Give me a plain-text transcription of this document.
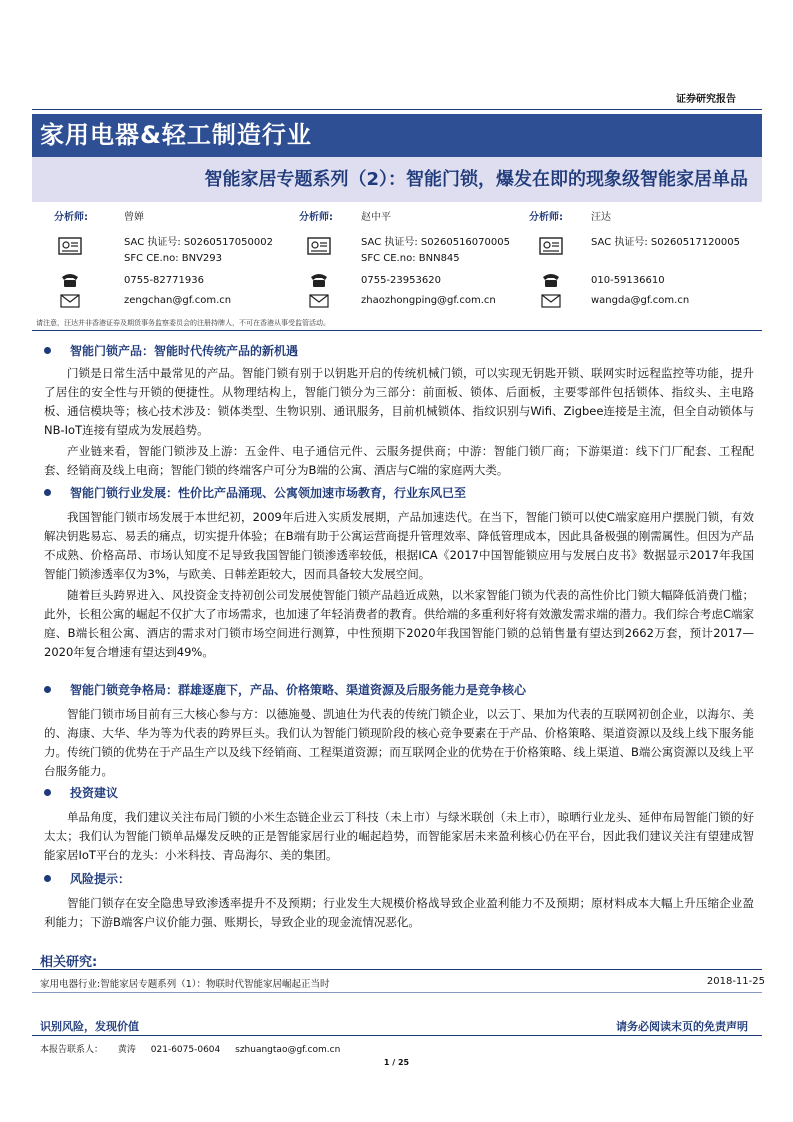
证券研究报告
家用电器&轻工制造行业
智能家居专题系列（2）：智能门锁，爆发在即的现象级智能家居单品
分析师:	曾婵
SAC 执证号: S0260517050002
SFC CE.no: BNV293
0755-82771936
zengchan@gf.com.cn
分析师:	赵中平
SAC 执证号: S0260516070005
SFC CE.no: BNN845
0755-23953620
zhaozhongping@gf.com.cn
分析师:	汪达
SAC 执证号: S0260517120005
010-59136610
wangda@gf.com.cn
请注意，汪达并非香港证券及期货事务监察委员会的注册持牌人，不可在香港从事受监管活动。
智能门锁产品：智能时代传统产品的新机遇
门锁是日常生活中最常见的产品。智能门锁有别于以钥匙开启的传统机械门锁，可以实现无钥匙开锁、联网实时远程监控等功能，提升了居住的安全性与开锁的便捷性。从物理结构上，智能门锁分为三部分：前面板、锁体、后面板，主要零部件包括锁体、指纹头、主电路板、通信模块等；核心技术涉及：锁体类型、生物识别、通讯服务，目前机械锁体、指纹识别与Wifi、Zigbee连接是主流，但全自动锁体与NB-IoT连接有望成为发展趋势。
产业链来看，智能门锁涉及上游：五金件、电子通信元件、云服务提供商；中游：智能门锁厂商；下游渠道：线下门厂配套、工程配套、经销商及线上电商；智能门锁的终端客户可分为B端的公寓、酒店与C端的家庭两大类。
智能门锁行业发展：性价比产品涌现、公寓领加速市场教育，行业东风已至
我国智能门锁市场发展于本世纪初，2009年后进入实质发展期，产品加速迭代。在当下，智能门锁可以使C端家庭用户摆脱门锁，有效解决钥匙易忘、易丢的痛点，切实提升体验；在B端有助于公寓运营商提升管理效率、降低管理成本，因此具备极强的刚需属性。但因为产品不成熟、价格高昂、市场认知度不足导致我国智能门锁渗透率较低，根据ICA《2017中国智能锁应用与发展白皮书》数据显示2017年我国智能门锁渗透率仅为3%，与欧美、日韩差距较大，因而具备较大发展空间。
随着巨头跨界进入、风投资金支持初创公司发展使智能门锁产品趋近成熟，以米家智能门锁为代表的高性价比门锁大幅降低消费门槛；此外，长租公寓的崛起不仅扩大了市场需求，也加速了年轻消费者的教育。供给端的多重利好将有效激发需求端的潜力。我们综合考虑C端家庭、B端长租公寓、酒店的需求对门锁市场空间进行测算，中性预期下2020年我国智能门锁的总销售量有望达到2662万套，预计2017—2020年复合增速有望达到49%。
智能门锁竞争格局：群雄逐鹿下，产品、价格策略、渠道资源及后服务能力是竞争核心
智能门锁市场目前有三大核心参与方：以德施曼、凯迪仕为代表的传统门锁企业，以云丁、果加为代表的互联网初创企业，以海尔、美的、海康、大华、华为等为代表的跨界巨头。我们认为智能门锁现阶段的核心竞争要素在于产品、价格策略、渠道资源以及线上线下服务能力。传统门锁的优势在于产品生产以及线下经销商、工程渠道资源；而互联网企业的优势在于价格策略、线上渠道、B端公寓资源以及线上平台服务能力。
投资建议
单品角度，我们建议关注布局门锁的小米生态链企业云丁科技（未上市）与绿米联创（未上市），晾晒行业龙头、延伸布局智能门锁的好太太；我们认为智能门锁单品爆发反映的正是智能家居行业的崛起趋势，而智能家居未来盈利核心仍在平台，因此我们建议关注有望建成智能家居IoT平台的龙头：小米科技、青岛海尔、美的集团。
风险提示：
智能门锁存在安全隐患导致渗透率提升不及预期；行业发生大规模价格战导致企业盈利能力不及预期；原材料成本大幅上升压缩企业盈利能力；下游B端客户议价能力强、账期长，导致企业的现金流情况恶化。
相关研究:
家用电器行业:智能家居专题系列（1）：物联时代智能家居崛起正当时	2018-11-25
识别风险，发现价值	请务必阅读末页的免责声明
本报告联系人： 黄涛 021-6075-0604 szhuangtao@gf.com.cn
1 / 25
